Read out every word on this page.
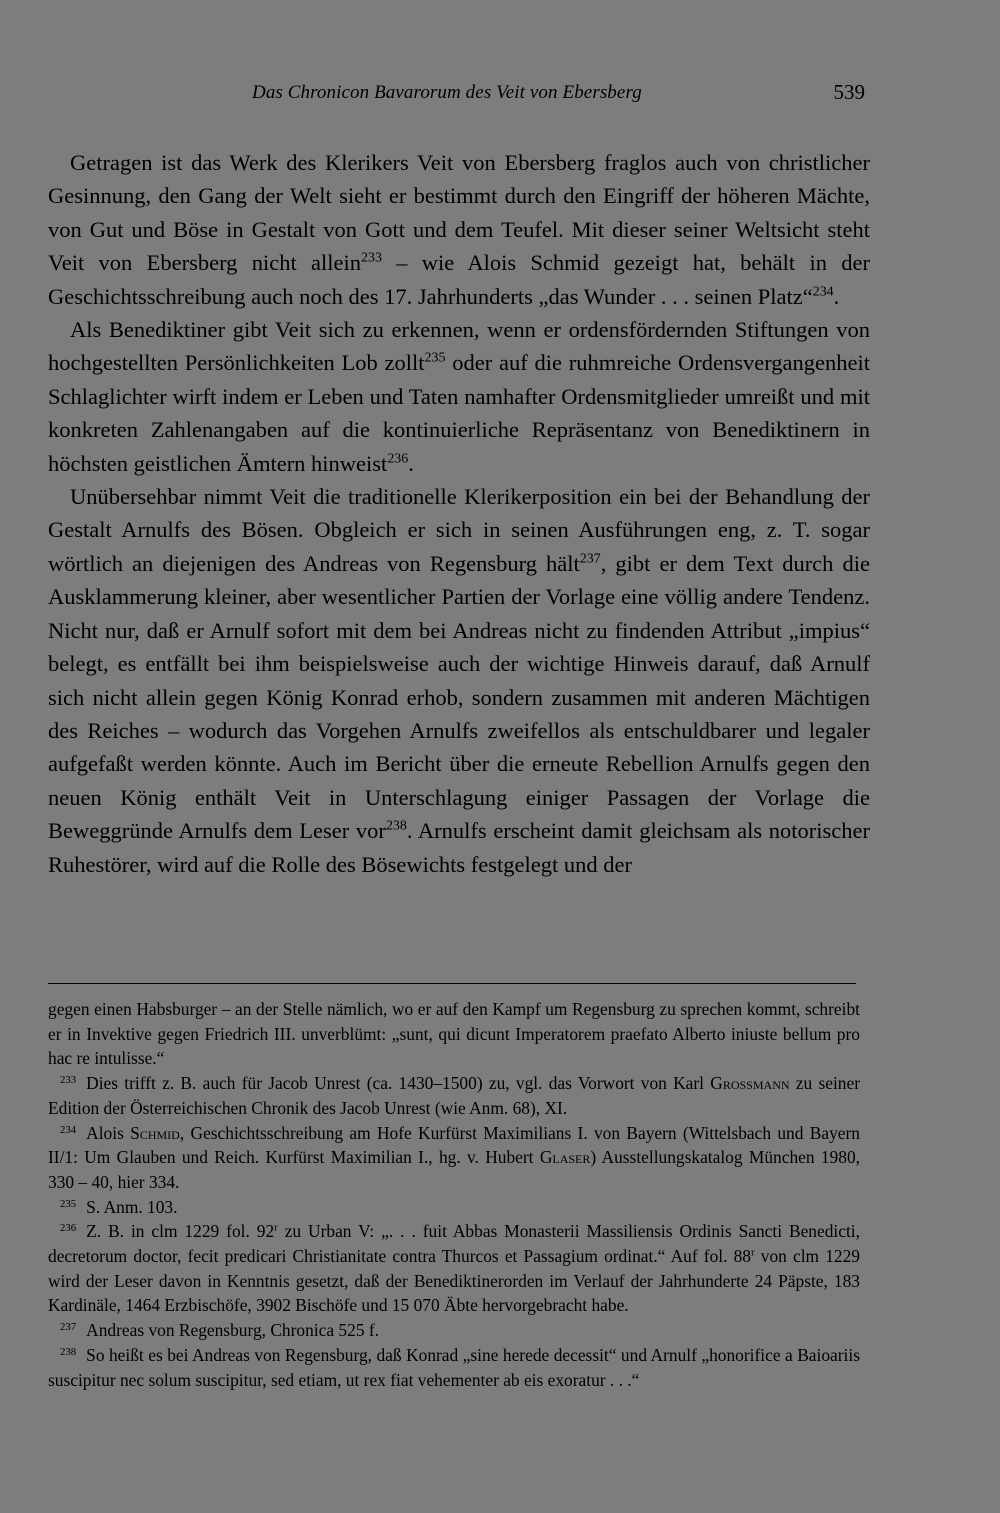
Das Chronicon Bavarorum des Veit von Ebersberg	539

Getragen ist das Werk des Klerikers Veit von Ebersberg fraglos auch von christlicher Gesinnung, den Gang der Welt sieht er bestimmt durch den Eingriff der höheren Mächte, von Gut und Böse in Gestalt von Gott und dem Teufel. Mit dieser seiner Weltsicht steht Veit von Ebersberg nicht allein$^{233}$ – wie Alois Schmid gezeigt hat, behält in der Geschichtsschreibung auch noch des 17. Jahrhunderts „das Wunder . . . seinen Platz“$^{234}$.

Als Benediktiner gibt Veit sich zu erkennen, wenn er ordensfördernden Stiftungen von hochgestellten Persönlichkeiten Lob zollt$^{235}$ oder auf die ruhmreiche Ordensvergangenheit Schlaglichter wirft indem er Leben und Taten namhafter Ordensmitglieder umreißt und mit konkreten Zahlenangaben auf die kontinuierliche Repräsentanz von Benediktinern in höchsten geistlichen Ämtern hinweist$^{236}$.

Unübersehbar nimmt Veit die traditionelle Klerikerposition ein bei der Behandlung der Gestalt Arnulfs des Bösen. Obgleich er sich in seinen Ausführungen eng, z. T. sogar wörtlich an diejenigen des Andreas von Regensburg hält$^{237}$, gibt er dem Text durch die Ausklammerung kleiner, aber wesentlicher Partien der Vorlage eine völlig andere Tendenz. Nicht nur, daß er Arnulf sofort mit dem bei Andreas nicht zu findenden Attribut „impius“ belegt, es entfällt bei ihm beispielsweise auch der wichtige Hinweis darauf, daß Arnulf sich nicht allein gegen König Konrad erhob, sondern zusammen mit anderen Mächtigen des Reiches – wodurch das Vorgehen Arnulfs zweifellos als entschuldbarer und legaler aufgefaßt werden könnte. Auch im Bericht über die erneute Rebellion Arnulfs gegen den neuen König enthält Veit in Unterschlagung einiger Passagen der Vorlage die Beweggründe Arnulfs dem Leser vor$^{238}$. Arnulfs erscheint damit gleichsam als notorischer Ruhestörer, wird auf die Rolle des Bösewichts festgelegt und der

gegen einen Habsburger – an der Stelle nämlich, wo er auf den Kampf um Regensburg zu sprechen kommt, schreibt er in Invektive gegen Friedrich III. unverblümt: „sunt, qui dicunt Imperatorem praefato Alberto iniuste bellum pro hac re intulisse.“

$^{233}$ Dies trifft z. B. auch für Jacob Unrest (ca. 1430–1500) zu, vgl. das Vorwort von Karl Grossmann zu seiner Edition der Österreichischen Chronik des Jacob Unrest (wie Anm. 68), XI.

$^{234}$ Alois Schmid, Geschichtsschreibung am Hofe Kurfürst Maximilians I. von Bayern (Wittelsbach und Bayern II/1: Um Glauben und Reich. Kurfürst Maximilian I., hg. v. Hubert Glaser) Ausstellungskatalog München 1980, 330 – 40, hier 334.

$^{235}$ S. Anm. 103.

$^{236}$ Z. B. in clm 1229 fol. 92$^r$ zu Urban V: „. . . fuit Abbas Monasterii Massiliensis Ordinis Sancti Benedicti, decretorum doctor, fecit predicari Christianitate contra Thurcos et Passagium ordinat.“ Auf fol. 88$^r$ von clm 1229 wird der Leser davon in Kenntnis gesetzt, daß der Benediktinerorden im Verlauf der Jahrhunderte 24 Päpste, 183 Kardinäle, 1464 Erzbischöfe, 3902 Bischöfe und 15 070 Äbte hervorgebracht habe.

$^{237}$ Andreas von Regensburg, Chronica 525 f.

$^{238}$ So heißt es bei Andreas von Regensburg, daß Konrad „sine herede decessit“ und Arnulf „honorifice a Baioariis suscipitur nec solum suscipitur, sed etiam, ut rex fiat vehementer ab eis exoratur . . .“
